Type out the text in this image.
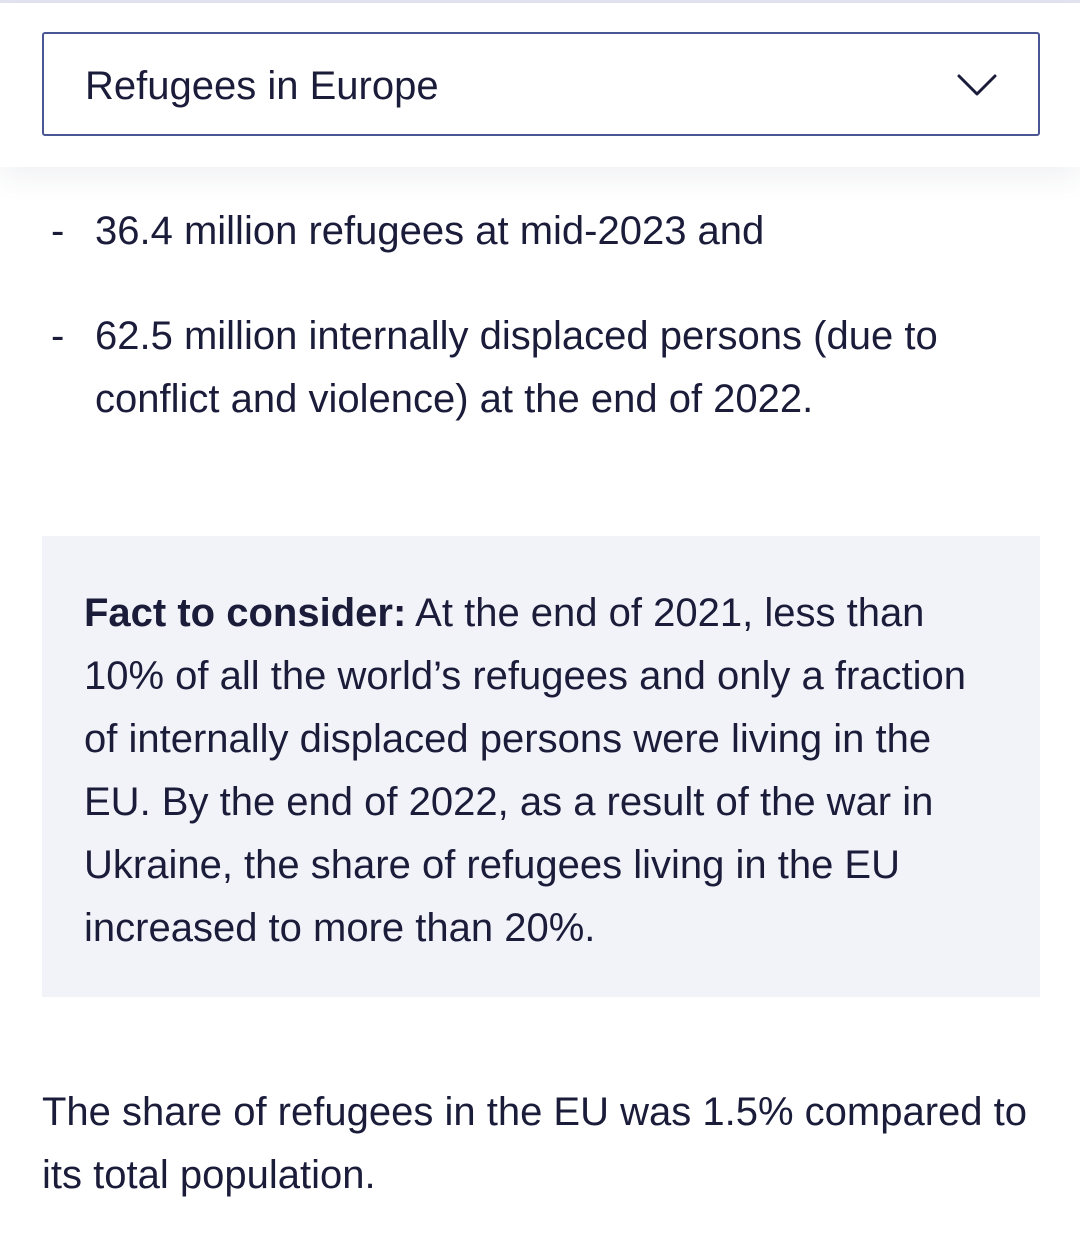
Refugees in Europe
- 36.4 million refugees at mid-2023 and
- 62.5 million internally displaced persons (due to conflict and violence) at the end of 2022.

Fact to consider: At the end of 2021, less than 10% of all the world’s refugees and only a fraction of internally displaced persons were living in the EU. By the end of 2022, as a result of the war in Ukraine, the share of refugees living in the EU increased to more than 20%.

The share of refugees in the EU was 1.5% compared to its total population.
